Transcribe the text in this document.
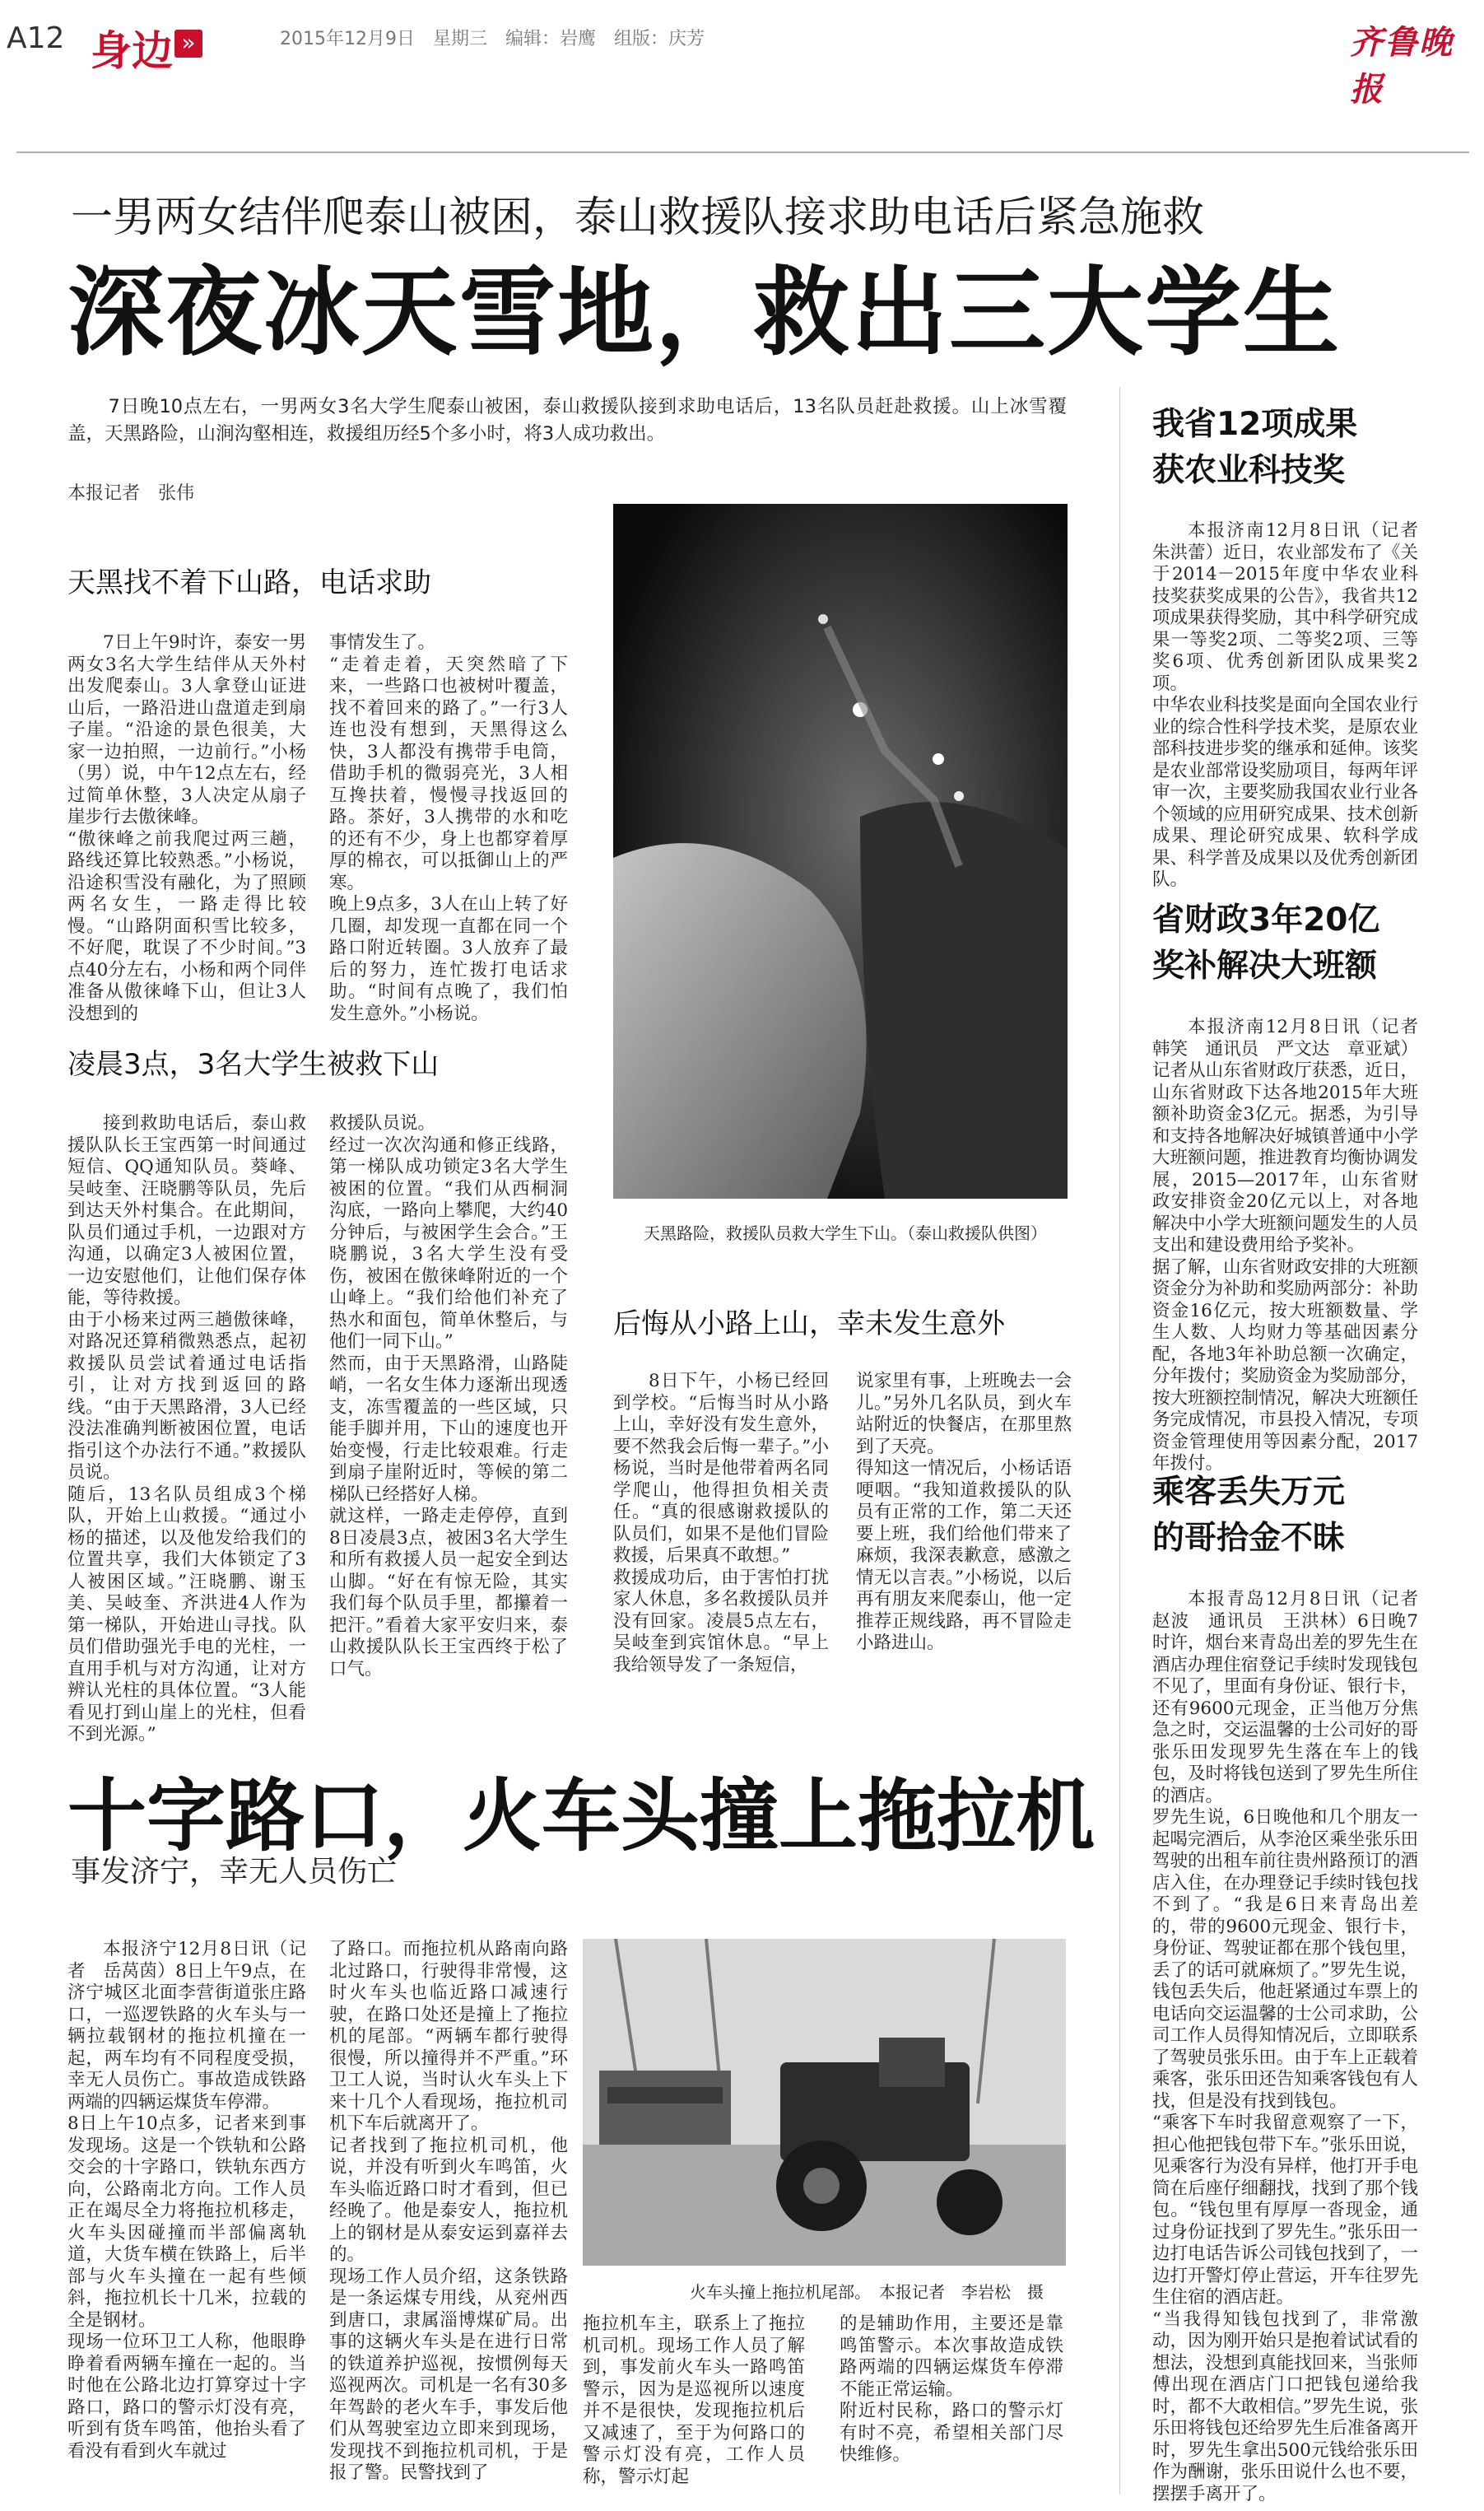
A12 身边 »	2015年12月9日　星期三　编辑：岩鹰　组版：庆芳	齐鲁晚报
一男两女结伴爬泰山被困，泰山救援队接求助电话后紧急施救
深夜冰天雪地，救出三大学生

7日晚10点左右，一男两女3名大学生爬泰山被困，泰山救援队接到求助电话后，13名队员赶赴救援。山上冰雪覆盖，天黑路险，山涧沟壑相连，救援组历经5个多小时，将3人成功救出。

本报记者　张伟
天黑找不着下山路，电话求助
7日上午9时许，泰安一男两女3名大学生结伴从天外村出发爬泰山。3人拿登山证进山后，一路沿进山盘道走到扇子崖。“沿途的景色很美，大家一边拍照，一边前行。”小杨（男）说，中午12点左右，经过简单休整，3人决定从扇子崖步行去傲徕峰。
“傲徕峰之前我爬过两三趟，路线还算比较熟悉。”小杨说，沿途积雪没有融化，为了照顾两名女生，一路走得比较慢。“山路阴面积雪比较多，不好爬，耽误了不少时间。”3点40分左右，小杨和两个同伴准备从傲徕峰下山，但让3人没想到的
事情发生了。
“走着走着，天突然暗了下来，一些路口也被树叶覆盖，找不着回来的路了。”一行3人连也没有想到，天黑得这么快，3人都没有携带手电筒，借助手机的微弱亮光，3人相互搀扶着，慢慢寻找返回的路。茶好，3人携带的水和吃的还有不少，身上也都穿着厚厚的棉衣，可以抵御山上的严寒。
晚上9点多，3人在山上转了好几圈，却发现一直都在同一个路口附近转圈。3人放弃了最后的努力，连忙拨打电话求助。“时间有点晚了，我们怕发生意外。”小杨说。
凌晨3点，3名大学生被救下山
接到救助电话后，泰山救援队队长王宝西第一时间通过短信、QQ通知队员。葵峰、吴岐奎、汪晓鹏等队员，先后到达天外村集合。在此期间，队员们通过手机，一边跟对方沟通，以确定3人被困位置，一边安慰他们，让他们保存体能，等待救援。
由于小杨来过两三趟傲徕峰，对路况还算稍微熟悉点，起初救援队员尝试着通过电话指引，让对方找到返回的路线。“由于天黑路滑，3人已经没法准确判断被困位置，电话指引这个办法行不通。”救援队员说。
随后，13名队员组成3个梯队，开始上山救援。“通过小杨的描述，以及他发给我们的位置共享，我们大体锁定了3人被困区域。”汪晓鹏、谢玉美、吴岐奎、齐洪进4人作为第一梯队，开始进山寻找。队员们借助强光手电的光柱，一直用手机与对方沟通，让对方辨认光柱的具体位置。“3人能看见打到山崖上的光柱，但看不到光源。”
救援队员说。
经过一次次沟通和修正线路，第一梯队成功锁定3名大学生被困的位置。“我们从西桐洞沟底，一路向上攀爬，大约40分钟后，与被困学生会合。”王晓鹏说，3名大学生没有受伤，被困在傲徕峰附近的一个山峰上。“我们给他们补充了热水和面包，简单休整后，与他们一同下山。”
然而，由于天黑路滑，山路陡峭，一名女生体力逐渐出现透支，冻雪覆盖的一些区域，只能手脚并用，下山的速度也开始变慢，行走比较艰难。行走到扇子崖附近时，等候的第二梯队已经搭好人梯。
就这样，一路走走停停，直到8日凌晨3点，被困3名大学生和所有救援人员一起安全到达山脚。“好在有惊无险，其实我们每个队员手里，都攥着一把汗。”看着大家平安归来，泰山救援队队长王宝西终于松了口气。
天黑路险，救援队员救大学生下山。（泰山救援队供图）
后悔从小路上山，幸未发生意外
8日下午，小杨已经回到学校。“后悔当时从小路上山，幸好没有发生意外，要不然我会后悔一辈子。”小杨说，当时是他带着两名同学爬山，他得担负相关责任。“真的很感谢救援队的队员们，如果不是他们冒险救援，后果真不敢想。”
救援成功后，由于害怕打扰家人休息，多名救援队员并没有回家。凌晨5点左右，吴岐奎到宾馆休息。“早上我给领导发了一条短信，
说家里有事，上班晚去一会儿。”另外几名队员，到火车站附近的快餐店，在那里熬到了天亮。
得知这一情况后，小杨话语哽咽。“我知道救援队的队员有正常的工作，第二天还要上班，我们给他们带来了麻烦，我深表歉意，感激之情无以言表。”小杨说，以后再有朋友来爬泰山，他一定推荐正规线路，再不冒险走小路进山。
十字路口，火车头撞上拖拉机
事发济宁，幸无人员伤亡
本报济宁12月8日讯（记者　岳莴茵）8日上午9点，在济宁城区北面李营街道张庄路口，一巡逻铁路的火车头与一辆拉载钢材的拖拉机撞在一起，两车均有不同程度受损，幸无人员伤亡。事故造成铁路两端的四辆运煤货车停滞。
8日上午10点多，记者来到事发现场。这是一个铁轨和公路交会的十字路口，铁轨东西方向，公路南北方向。工作人员正在竭尽全力将拖拉机移走，火车头因碰撞而半部偏离轨道，大货车横在铁路上，后半部与火车头撞在一起有些倾斜，拖拉机长十几米，拉载的全是钢材。
现场一位环卫工人称，他眼睁睁着看两辆车撞在一起的。当时他在公路北边打算穿过十字路口，路口的警示灯没有亮，听到有货车鸣笛，他抬头看了看没有看到火车就过
了路口。而拖拉机从路南向路北过路口，行驶得非常慢，这时火车头也临近路口减速行驶，在路口处还是撞上了拖拉机的尾部。“两辆车都行驶得很慢，所以撞得并不严重。”环卫工人说，当时认火车头上下来十几个人看现场，拖拉机司机下车后就离开了。
记者找到了拖拉机司机，他说，并没有听到火车鸣笛，火车头临近路口时才看到，但已经晚了。他是泰安人，拖拉机上的钢材是从泰安运到嘉祥去的。
现场工作人员介绍，这条铁路是一条运煤专用线，从兖州西到唐口，隶属淄博煤矿局。出事的这辆火车头是在进行日常的铁道养护巡视，按惯例每天巡视两次。司机是一名有30多年驾龄的老火车手，事发后他们从驾驶室边立即来到现场，发现找不到拖拉机司机，于是报了警。民警找到了
火车头撞上拖拉机尾部。　本报记者　李岩松　摄
拖拉机车主，联系上了拖拉机司机。现场工作人员了解到，事发前火车头一路鸣笛警示，因为是巡视所以速度并不是很快，发现拖拉机后又减速了，至于为何路口的警示灯没有亮，工作人员称，警示灯起
的是辅助作用，主要还是靠鸣笛警示。本次事故造成铁路两端的四辆运煤货车停滞不能正常运输。
附近村民称，路口的警示灯有时不亮，希望相关部门尽快维修。
我省12项成果
获农业科技奖
本报济南12月8日讯（记者　朱洪蕾）近日，农业部发布了《关于2014－2015年度中华农业科技奖获奖成果的公告》，我省共12项成果获得奖励，其中科学研究成果一等奖2项、二等奖2项、三等奖6项、优秀创新团队成果奖2项。
中华农业科技奖是面向全国农业行业的综合性科学技术奖，是原农业部科技进步奖的继承和延伸。该奖是农业部常设奖励项目，每两年评审一次，主要奖励我国农业行业各个领域的应用研究成果、技术创新成果、理论研究成果、软科学成果、科学普及成果以及优秀创新团队。
省财政3年20亿
奖补解决大班额
本报济南12月8日讯（记者　韩笑　通讯员　严文达　章亚斌）记者从山东省财政厅获悉，近日，山东省财政下达各地2015年大班额补助资金3亿元。据悉，为引导和支持各地解决好城镇普通中小学大班额问题，推进教育均衡协调发展，2015—2017年，山东省财政安排资金20亿元以上，对各地解决中小学大班额问题发生的人员支出和建设费用给予奖补。
据了解，山东省财政安排的大班额资金分为补助和奖励两部分：补助资金16亿元，按大班额数量、学生人数、人均财力等基础因素分配，各地3年补助总额一次确定，分年拨付；奖励资金为奖励部分，按大班额控制情况，解决大班额任务完成情况，市县投入情况，专项资金管理使用等因素分配，2017年拨付。
乘客丢失万元
的哥拾金不昧
本报青岛12月8日讯（记者　赵波　通讯员　王洪林）6日晚7时许，烟台来青岛出差的罗先生在酒店办理住宿登记手续时发现钱包不见了，里面有身份证、银行卡，还有9600元现金，正当他万分焦急之时，交运温馨的士公司好的哥张乐田发现罗先生落在车上的钱包，及时将钱包送到了罗先生所住的酒店。
罗先生说，6日晚他和几个朋友一起喝完酒后，从李沧区乘坐张乐田驾驶的出租车前往贵州路预订的酒店入住，在办理登记手续时钱包找不到了。“我是6日来青岛出差的，带的9600元现金、银行卡，身份证、驾驶证都在那个钱包里，丢了的话可就麻烦了。”罗先生说，钱包丢失后，他赶紧通过车票上的电话向交运温馨的士公司求助，公司工作人员得知情况后，立即联系了驾驶员张乐田。由于车上正载着乘客，张乐田还告知乘客钱包有人找，但是没有找到钱包。
“乘客下车时我留意观察了一下，担心他把钱包带下车。”张乐田说，见乘客行为没有异样，他打开手电筒在后座仔细翻找，找到了那个钱包。“钱包里有厚厚一沓现金，通过身份证找到了罗先生。”张乐田一边打电话告诉公司钱包找到了，一边打开警灯停止营运，开车往罗先生住宿的酒店赶。
“当我得知钱包找到了，非常激动，因为刚开始只是抱着试试看的想法，没想到真能找回来，当张师傅出现在酒店门口把钱包递给我时，都不大敢相信。”罗先生说，张乐田将钱包还给罗先生后准备离开时，罗先生拿出500元钱给张乐田作为酬谢，张乐田说什么也不要，摆摆手离开了。
